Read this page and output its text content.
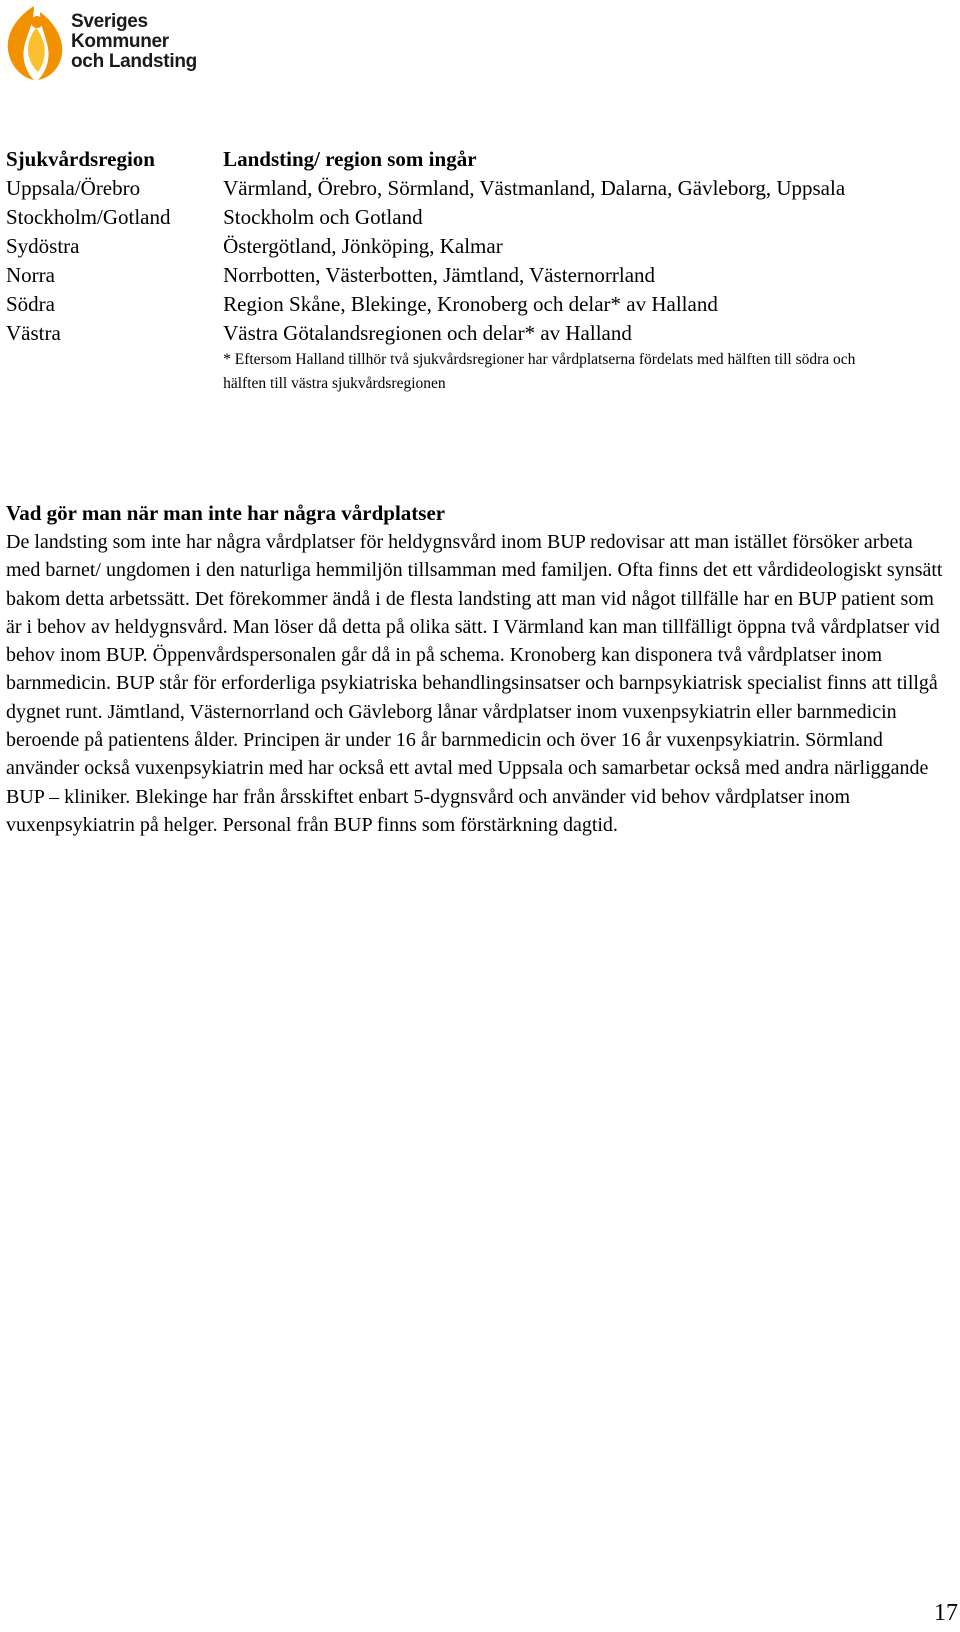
Sveriges
Kommuner
och Landsting
Sjukvårdsregion	Landsting/ region som ingår
Uppsala/Örebro	Värmland, Örebro, Sörmland, Västmanland, Dalarna, Gävleborg, Uppsala
Stockholm/Gotland	Stockholm och Gotland
Sydöstra	Östergötland, Jönköping, Kalmar
Norra	Norrbotten, Västerbotten, Jämtland, Västernorrland
Södra	Region Skåne, Blekinge, Kronoberg och delar* av Halland
Västra	Västra Götalandsregionen och delar* av Halland
	* Eftersom Halland tillhör två sjukvårdsregioner har vårdplatserna fördelats med hälften till södra och hälften till västra sjukvårdsregionen
Vad gör man när man inte har några vårdplatser

De landsting som inte har några vårdplatser för heldygnsvård inom BUP redovisar att man istället försöker arbeta med barnet/ ungdomen i den naturliga hemmiljön tillsamman med familjen. Ofta finns det ett vårdideologiskt synsätt bakom detta arbetssätt. Det förekommer ändå i de flesta landsting att man vid något tillfälle har en BUP patient som är i behov av heldygnsvård. Man löser då detta på olika sätt. I Värmland kan man tillfälligt öppna två vårdplatser vid behov inom BUP. Öppenvårdspersonalen går då in på schema. Kronoberg kan disponera två vårdplatser inom barnmedicin. BUP står för erforderliga psykiatriska behandlingsinsatser och barnpsykiatrisk specialist finns att tillgå dygnet runt. Jämtland, Västernorrland och Gävleborg lånar vårdplatser inom vuxenpsykiatrin eller barnmedicin beroende på patientens ålder. Principen är under 16 år barnmedicin och över 16 år vuxenpsykiatrin. Sörmland använder också vuxenpsykiatrin med har också ett avtal med Uppsala och samarbetar också med andra närliggande BUP – kliniker. Blekinge har från årsskiftet enbart 5-dygnsvård och använder vid behov vårdplatser inom vuxenpsykiatrin på helger. Personal från BUP finns som förstärkning dagtid.

17
